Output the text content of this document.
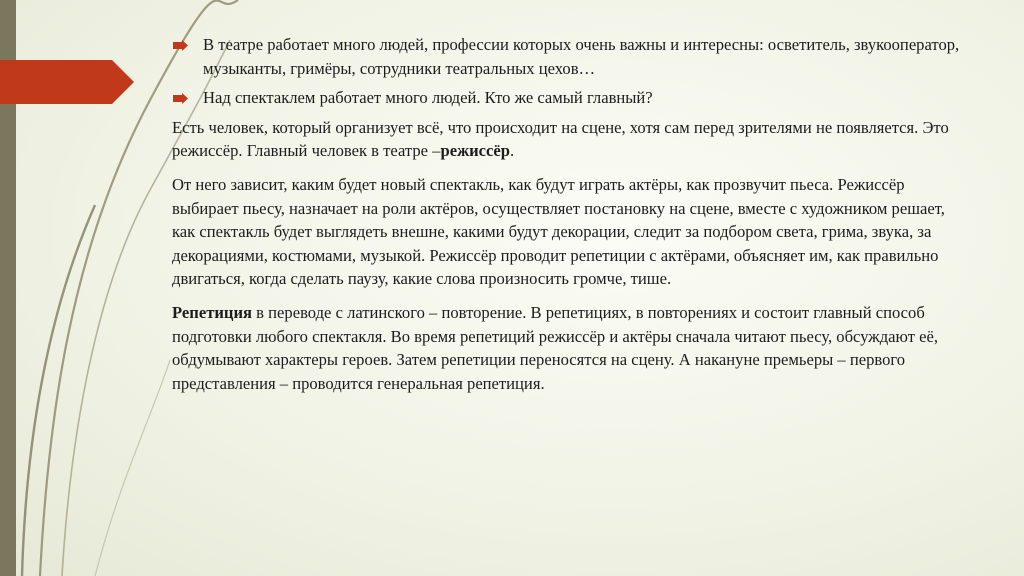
В театре работает много людей, профессии которых очень важны и интересны: осветитель, звукооператор, музыканты, гримёры, сотрудники театральных цехов…
Над спектаклем работает много людей. Кто же самый главный?

Есть человек, который организует всё, что происходит на сцене, хотя сам перед зрителями не появляется. Это режиссёр. Главный человек в театре –режиссёр.

От него зависит, каким будет новый спектакль, как будут играть актёры, как прозвучит пьеса. Режиссёр выбирает пьесу, назначает на роли актёров, осуществляет постановку на сцене, вместе с художником решает, как спектакль будет выглядеть внешне, какими будут декорации, следит за подбором света, грима, звука, за декорациями, костюмами, музыкой. Режиссёр проводит репетиции с актёрами, объясняет им, как правильно двигаться, когда сделать паузу, какие слова произносить громче, тише.

Репетиция в переводе с латинского – повторение. В репетициях, в повторениях и состоит главный способ подготовки любого спектакля. Во время репетиций режиссёр и актёры сначала читают пьесу, обсуждают её, обдумывают характеры героев. Затем репетиции переносятся на сцену. А накануне премьеры – первого представления – проводится генеральная репетиция.
